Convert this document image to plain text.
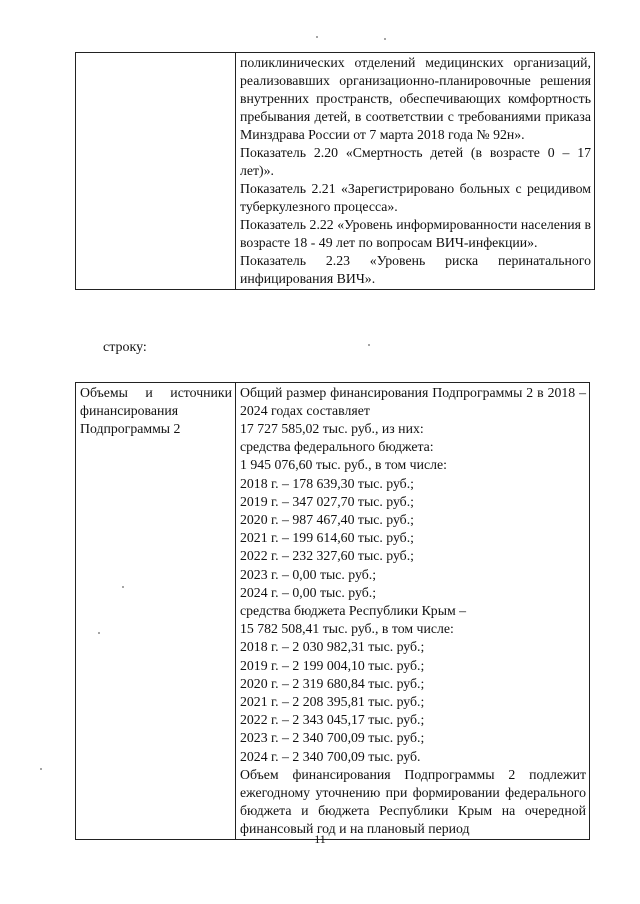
поликлинических отделений медицинских организаций, реализовавших организационно-планировочные решения внутренних пространств, обеспечивающих комфортность пребывания детей, в соответствии с требованиями приказа Минздрава России от 7 марта 2018 года № 92н».
Показатель 2.20 «Смертность детей (в возрасте 0 – 17 лет)».
Показатель 2.21 «Зарегистрировано больных с рецидивом туберкулезного процесса».
Показатель 2.22 «Уровень информированности населения в возрасте 18 - 49 лет по вопросам ВИЧ-инфекции».
Показатель 2.23 «Уровень риска перинатального инфицирования ВИЧ».
строку:
Объемы и источники финансирования Подпрограммы 2

Общий размер финансирования Подпрограммы 2 в 2018 – 2024 годах составляет
17 727 585,02 тыс. руб., из них:
средства федерального бюджета:
1 945 076,60 тыс. руб., в том числе:
2018 г. – 178 639,30 тыс. руб.;
2019 г. – 347 027,70 тыс. руб.;
2020 г. – 987 467,40 тыс. руб.;
2021 г. – 199 614,60 тыс. руб.;
2022 г. – 232 327,60 тыс. руб.;
2023 г. – 0,00 тыс. руб.;
2024 г. – 0,00 тыс. руб.;
средства бюджета Республики Крым –
15 782 508,41 тыс. руб., в том числе:
2018 г. – 2 030 982,31 тыс. руб.;
2019 г. – 2 199 004,10 тыс. руб.;
2020 г. – 2 319 680,84 тыс. руб.;
2021 г. – 2 208 395,81 тыс. руб.;
2022 г. – 2 343 045,17 тыс. руб.;
2023 г. – 2 340 700,09 тыс. руб.;
2024 г. – 2 340 700,09 тыс. руб.
Объем финансирования Подпрограммы 2 подлежит ежегодному уточнению при формировании федерального бюджета и бюджета Республики Крым на очередной финансовый год и на плановый период
11
